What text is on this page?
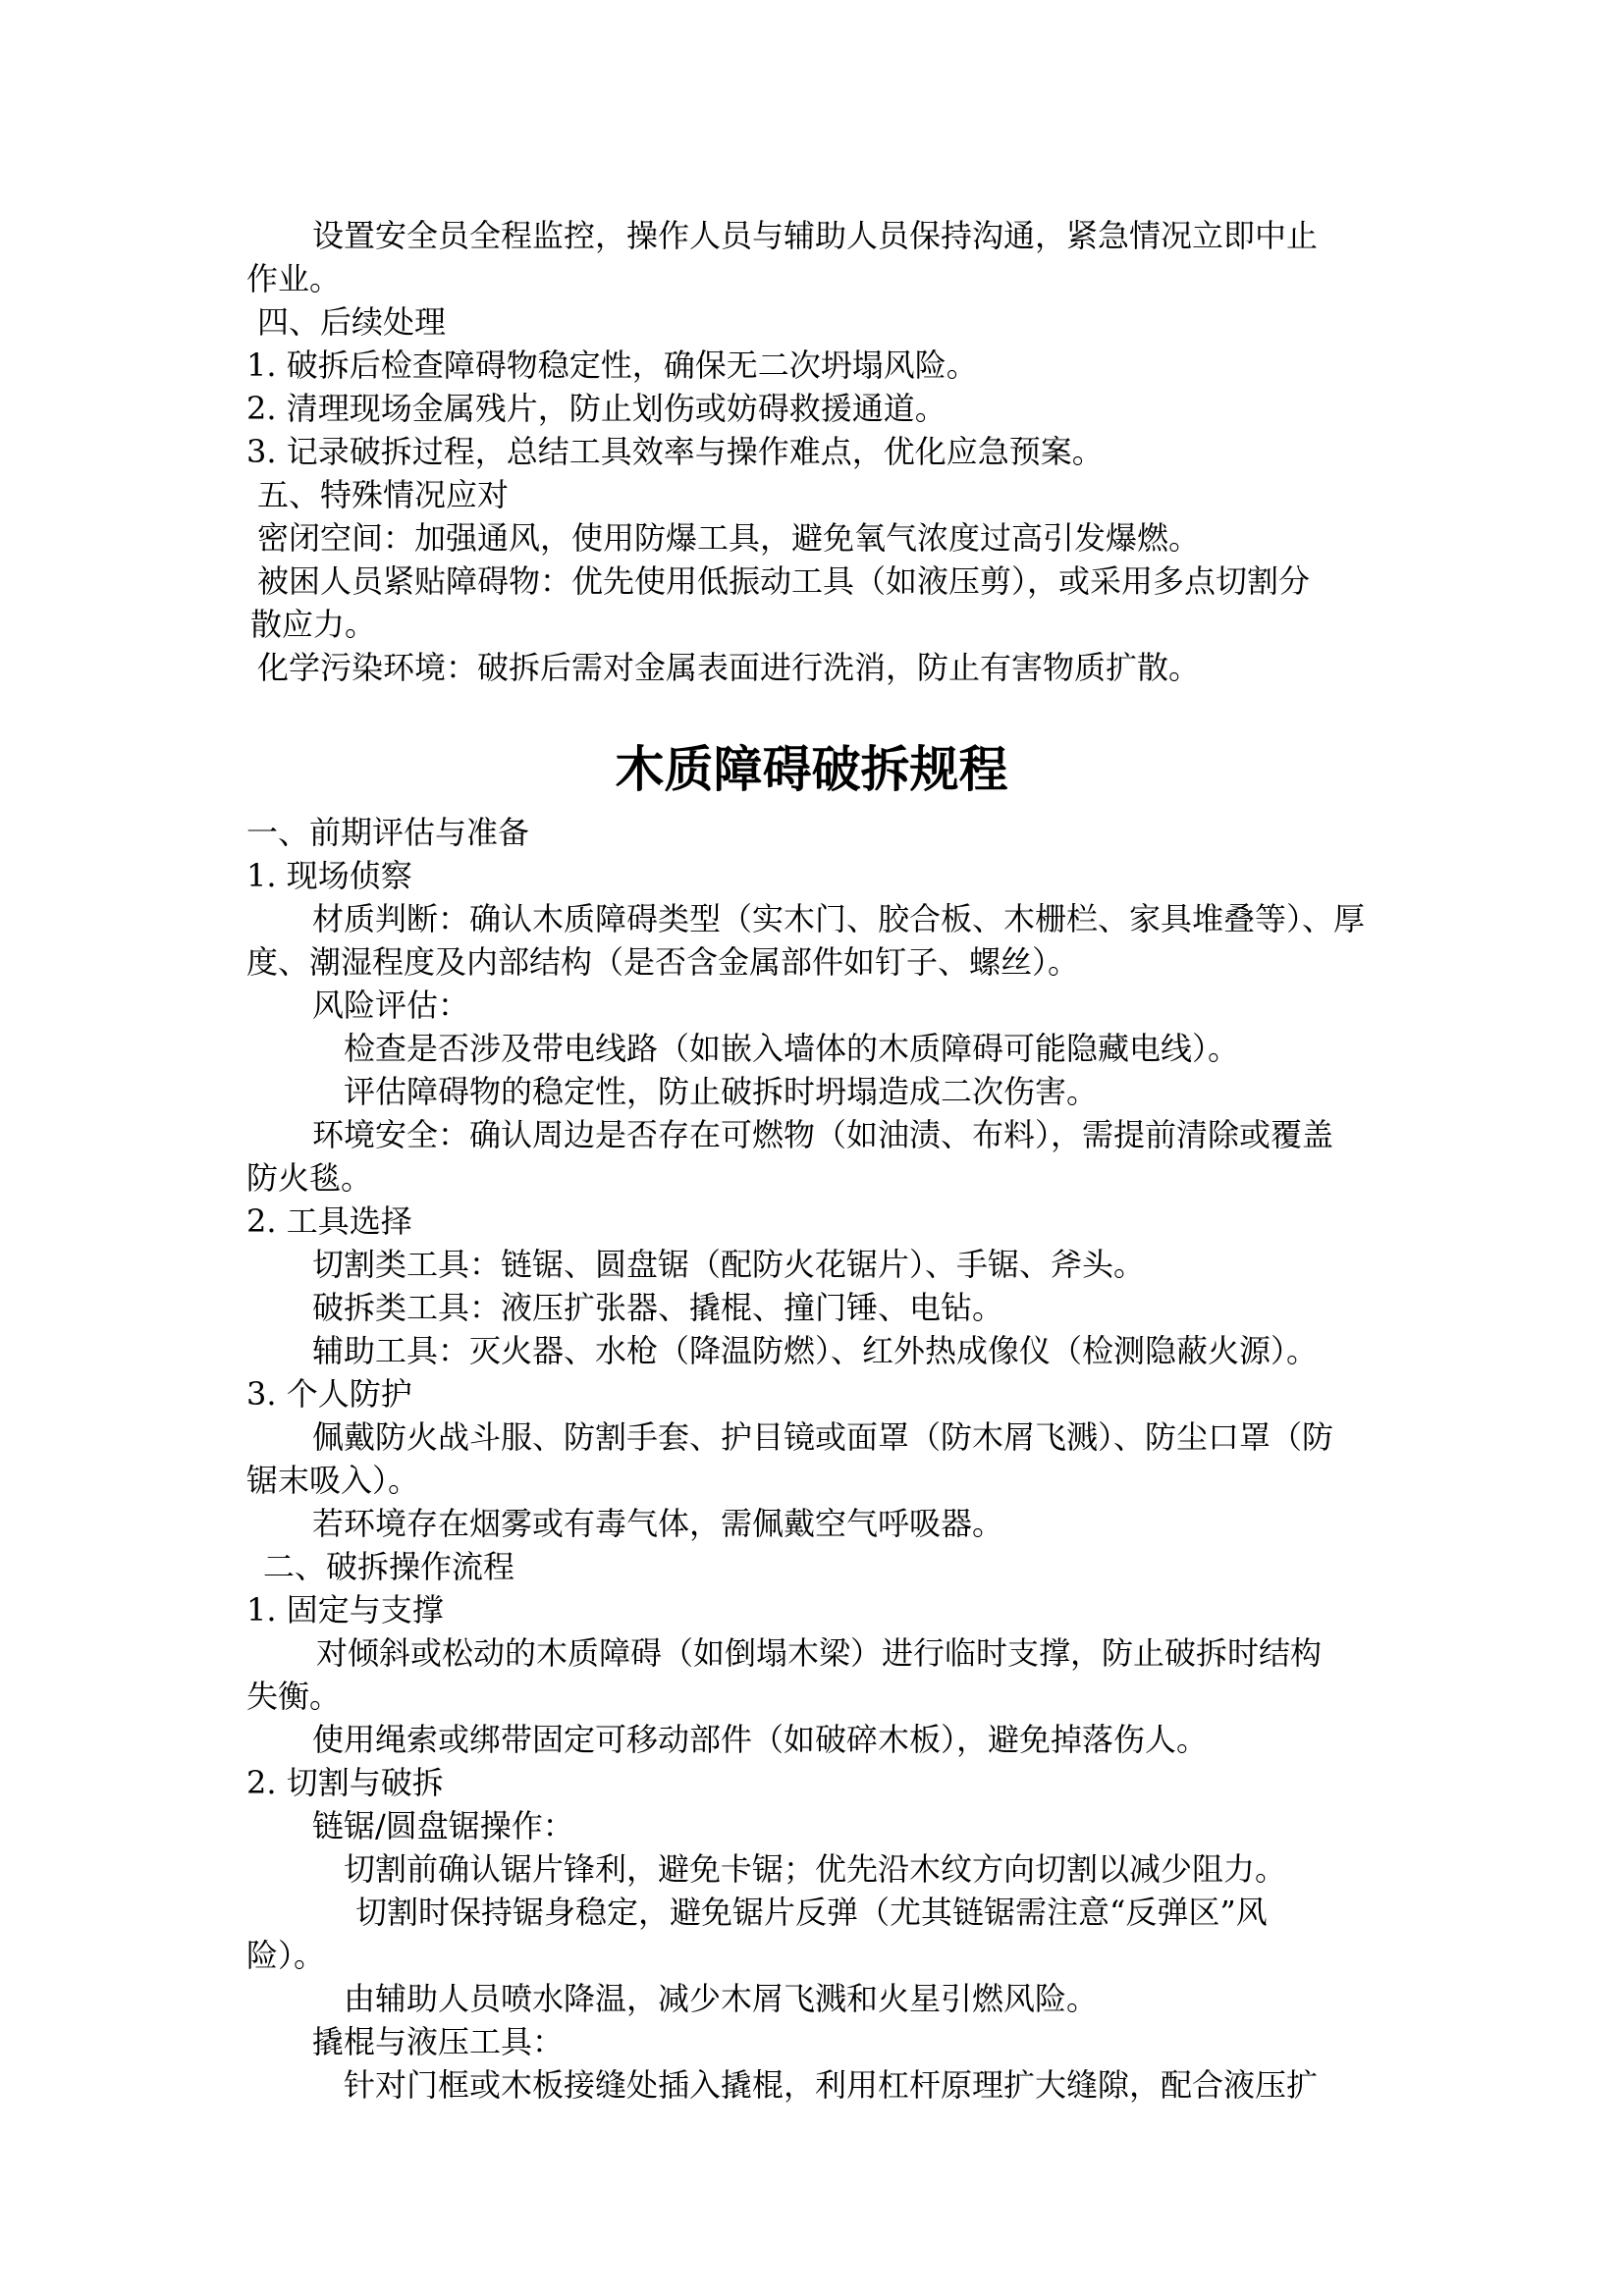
设置安全员全程监控，操作人员与辅助人员保持沟通，紧急情况立即中止

作业。

四、后续处理

1. 破拆后检查障碍物稳定性，确保无二次坍塌风险。

2. 清理现场金属残片，防止划伤或妨碍救援通道。

3. 记录破拆过程，总结工具效率与操作难点，优化应急预案。

五、特殊情况应对

密闭空间：加强通风，使用防爆工具，避免氧气浓度过高引发爆燃。

被困人员紧贴障碍物：优先使用低振动工具（如液压剪），或采用多点切割分

散应力。

化学污染环境：破拆后需对金属表面进行洗消，防止有害物质扩散。

木质障碍破拆规程

一、前期评估与准备

1. 现场侦察

材质判断：确认木质障碍类型（实木门、胶合板、木栅栏、家具堆叠等）、厚

度、潮湿程度及内部结构（是否含金属部件如钉子、螺丝）。

风险评估：

检查是否涉及带电线路（如嵌入墙体的木质障碍可能隐藏电线）。

评估障碍物的稳定性，防止破拆时坍塌造成二次伤害。

环境安全：确认周边是否存在可燃物（如油渍、布料），需提前清除或覆盖

防火毯。

2. 工具选择

切割类工具：链锯、圆盘锯（配防火花锯片）、手锯、斧头。

破拆类工具：液压扩张器、撬棍、撞门锤、电钻。

辅助工具：灭火器、水枪（降温防燃）、红外热成像仪（检测隐蔽火源）。

3. 个人防护

佩戴防火战斗服、防割手套、护目镜或面罩（防木屑飞溅）、防尘口罩（防

锯末吸入）。

若环境存在烟雾或有毒气体，需佩戴空气呼吸器。

二、破拆操作流程

1. 固定与支撑

对倾斜或松动的木质障碍（如倒塌木梁）进行临时支撑，防止破拆时结构

失衡。

使用绳索或绑带固定可移动部件（如破碎木板），避免掉落伤人。

2. 切割与破拆

链锯/圆盘锯操作：

切割前确认锯片锋利，避免卡锯；优先沿木纹方向切割以减少阻力。

切割时保持锯身稳定，避免锯片反弹（尤其链锯需注意“反弹区”风

险）。

由辅助人员喷水降温，减少木屑飞溅和火星引燃风险。

撬棍与液压工具：

针对门框或木板接缝处插入撬棍，利用杠杆原理扩大缝隙，配合液压扩
